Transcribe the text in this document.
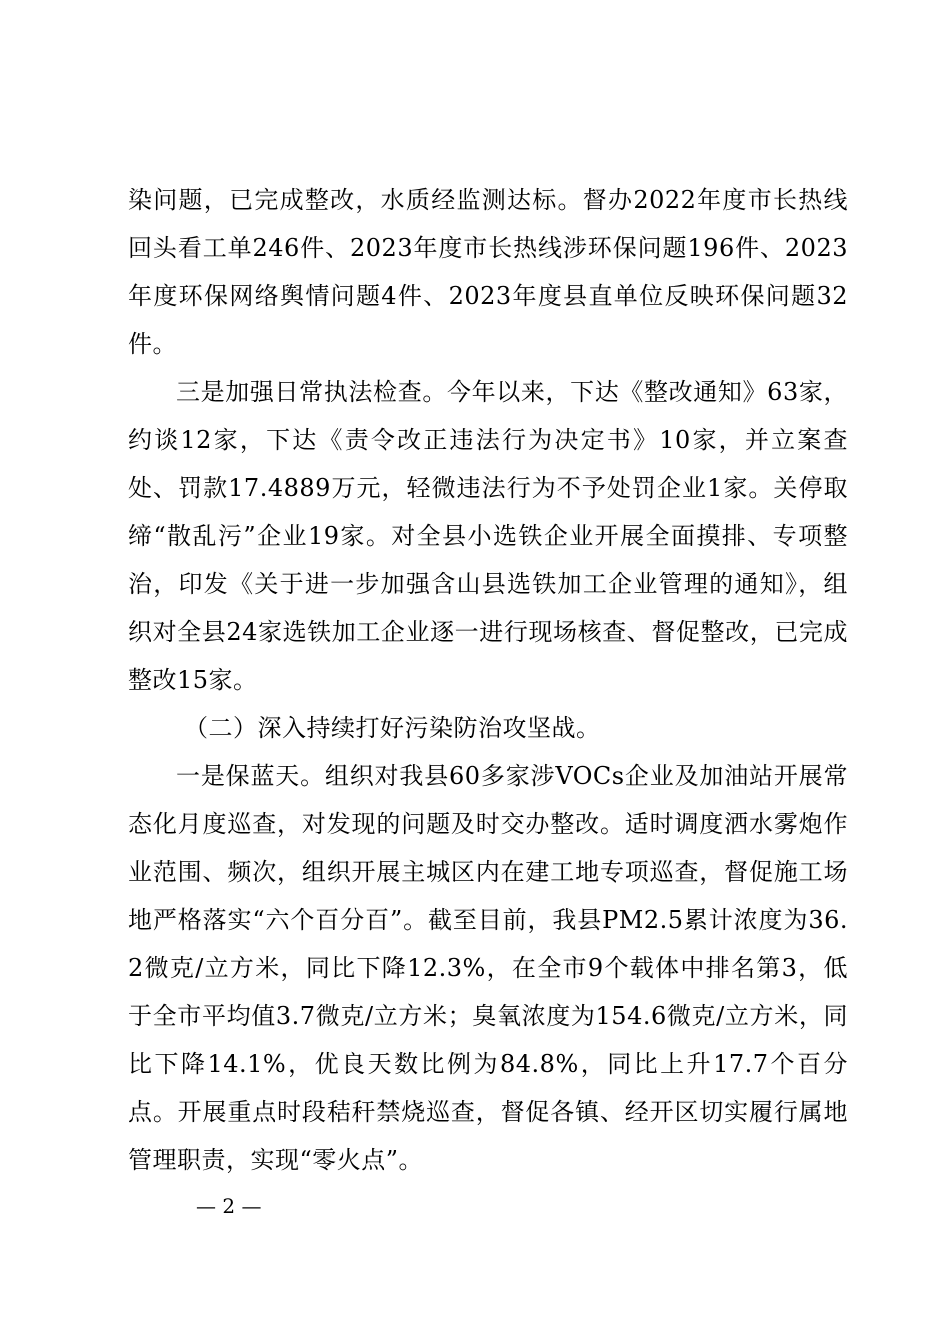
染问题，已完成整改，水质经监测达标。督办2022年度市长热线回头看工单246件、2023年度市长热线涉环保问题196件、2023年度环保网络舆情问题4件、2023年度县直单位反映环保问题32件。

三是加强日常执法检查。今年以来，下达《整改通知》63家，约谈12家，下达《责令改正违法行为决定书》10家，并立案查处、罚款17.4889万元，轻微违法行为不予处罚企业1家。关停取缔“散乱污”企业19家。对全县小选铁企业开展全面摸排、专项整治，印发《关于进一步加强含山县选铁加工企业管理的通知》，组织对全县24家选铁加工企业逐一进行现场核查、督促整改，已完成整改15家。

（二）深入持续打好污染防治攻坚战。

一是保蓝天。组织对我县60多家涉VOCs企业及加油站开展常态化月度巡查，对发现的问题及时交办整改。适时调度洒水雾炮作业范围、频次，组织开展主城区内在建工地专项巡查，督促施工场地严格落实“六个百分百”。截至目前，我县PM2.5累计浓度为36.2微克/立方米，同比下降12.3%，在全市9个载体中排名第3，低于全市平均值3.7微克/立方米；臭氧浓度为154.6微克/立方米，同比下降14.1%，优良天数比例为84.8%，同比上升17.7个百分点。开展重点时段秸秆禁烧巡查，督促各镇、经开区切实履行属地管理职责，实现“零火点”。

— 2 —
